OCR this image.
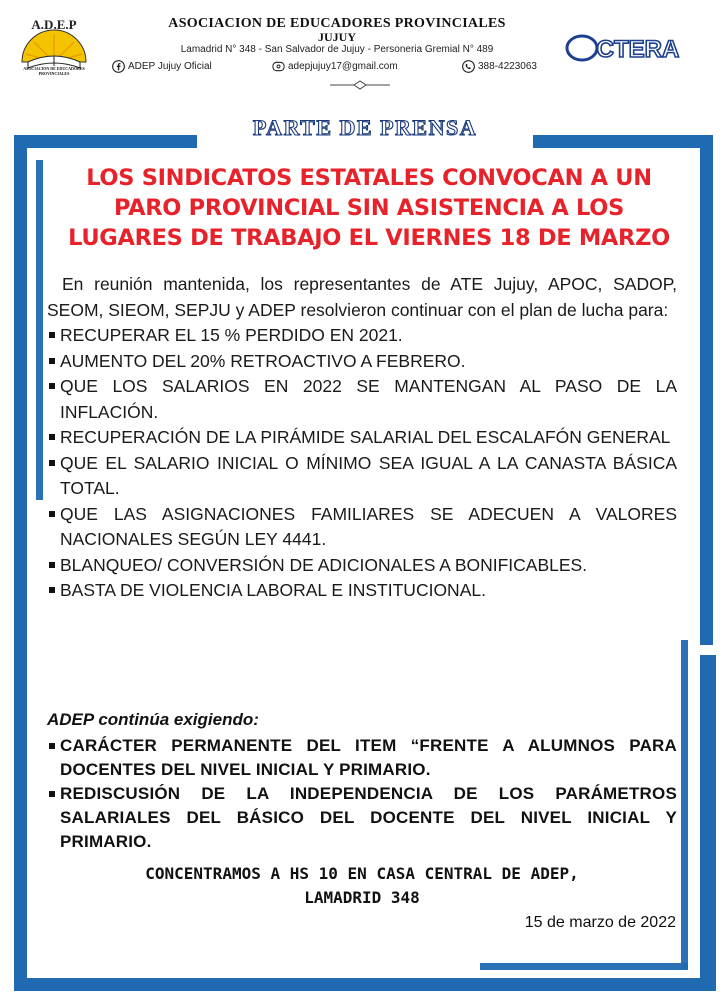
A.D.E.P
ASOCIACION DE EDUCADORES PROVINCIALES
ASOCIACION DE EDUCADORES PROVINCIALES
JUJUY
Lamadrid N° 348 - San Salvador de Jujuy - Personeria Gremial N° 489
ADEP Jujuy Oficial	adepjujuy17@gmail.com	388-4223063
CTERA
PARTE DE PRENSA
LOS SINDICATOS ESTATALES CONVOCAN A UN
PARO PROVINCIAL SIN ASISTENCIA A LOS
LUGARES DE TRABAJO EL VIERNES 18 DE MARZO

En reunión mantenida, los representantes de ATE Jujuy, APOC, SADOP, SEOM, SIEOM, SEPJU y ADEP resolvieron continuar con el plan de lucha para:

RECUPERAR EL 15 % PERDIDO EN 2021.
AUMENTO DEL 20% RETROACTIVO A FEBRERO.
QUE LOS SALARIOS EN 2022 SE MANTENGAN AL PASO DE LA INFLACIÓN.
RECUPERACIÓN DE LA PIRÁMIDE SALARIAL DEL ESCALAFÓN GENERAL
QUE EL SALARIO INICIAL O MÍNIMO SEA IGUAL A LA CANASTA BÁSICA TOTAL.
QUE LAS ASIGNACIONES FAMILIARES SE ADECUEN A VALORES NACIONALES SEGÚN LEY 4441.
BLANQUEO/ CONVERSIÓN DE ADICIONALES A BONIFICABLES.
BASTA DE VIOLENCIA LABORAL E INSTITUCIONAL.
ADEP continúa exigiendo:
CARÁCTER PERMANENTE DEL ITEM “FRENTE A ALUMNOS PARA DOCENTES DEL NIVEL INICIAL Y PRIMARIO.
REDISCUSIÓN DE LA INDEPENDENCIA DE LOS PARÁMETROS SALARIALES DEL BÁSICO DEL DOCENTE DEL NIVEL INICIAL Y PRIMARIO.
CONCENTRAMOS A HS 10 EN CASA CENTRAL DE ADEP,
LAMADRID 348
15 de marzo de 2022
